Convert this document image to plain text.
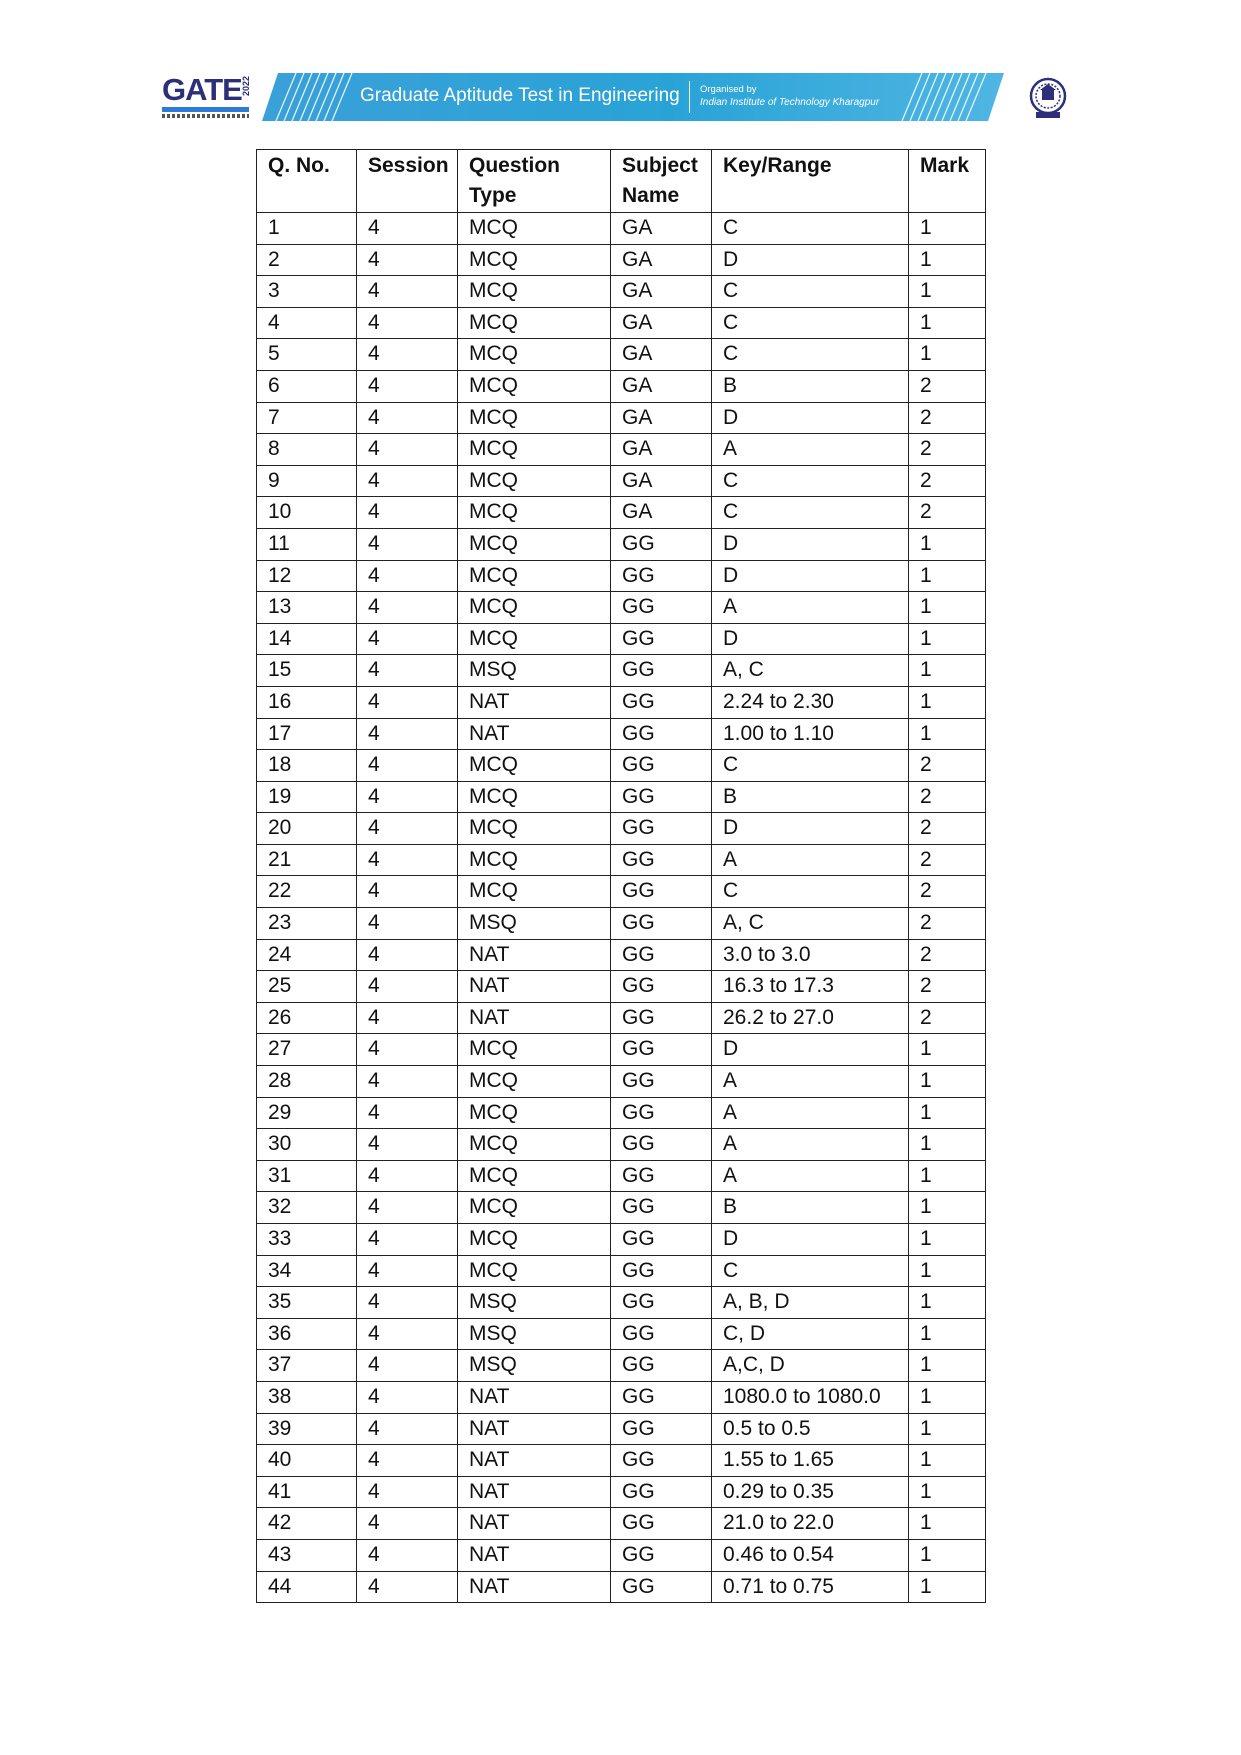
GATE 2022	Graduate Aptitude Test in Engineering Organised by
Indian Institute of Technology Kharagpur
Q. No.	Session	Question Type	Subject Name	Key/Range	Mark
1	4	MCQ	GA	C	1
2	4	MCQ	GA	D	1
3	4	MCQ	GA	C	1
4	4	MCQ	GA	C	1
5	4	MCQ	GA	C	1
6	4	MCQ	GA	B	2
7	4	MCQ	GA	D	2
8	4	MCQ	GA	A	2
9	4	MCQ	GA	C	2
10	4	MCQ	GA	C	2
11	4	MCQ	GG	D	1
12	4	MCQ	GG	D	1
13	4	MCQ	GG	A	1
14	4	MCQ	GG	D	1
15	4	MSQ	GG	A, C	1
16	4	NAT	GG	2.24 to 2.30	1
17	4	NAT	GG	1.00 to 1.10	1
18	4	MCQ	GG	C	2
19	4	MCQ	GG	B	2
20	4	MCQ	GG	D	2
21	4	MCQ	GG	A	2
22	4	MCQ	GG	C	2
23	4	MSQ	GG	A, C	2
24	4	NAT	GG	3.0 to 3.0	2
25	4	NAT	GG	16.3 to 17.3	2
26	4	NAT	GG	26.2 to 27.0	2
27	4	MCQ	GG	D	1
28	4	MCQ	GG	A	1
29	4	MCQ	GG	A	1
30	4	MCQ	GG	A	1
31	4	MCQ	GG	A	1
32	4	MCQ	GG	B	1
33	4	MCQ	GG	D	1
34	4	MCQ	GG	C	1
35	4	MSQ	GG	A, B, D	1
36	4	MSQ	GG	C, D	1
37	4	MSQ	GG	A,C, D	1
38	4	NAT	GG	1080.0 to 1080.0	1
39	4	NAT	GG	0.5 to 0.5	1
40	4	NAT	GG	1.55 to 1.65	1
41	4	NAT	GG	0.29 to 0.35	1
42	4	NAT	GG	21.0 to 22.0	1
43	4	NAT	GG	0.46 to 0.54	1
44	4	NAT	GG	0.71 to 0.75	1
